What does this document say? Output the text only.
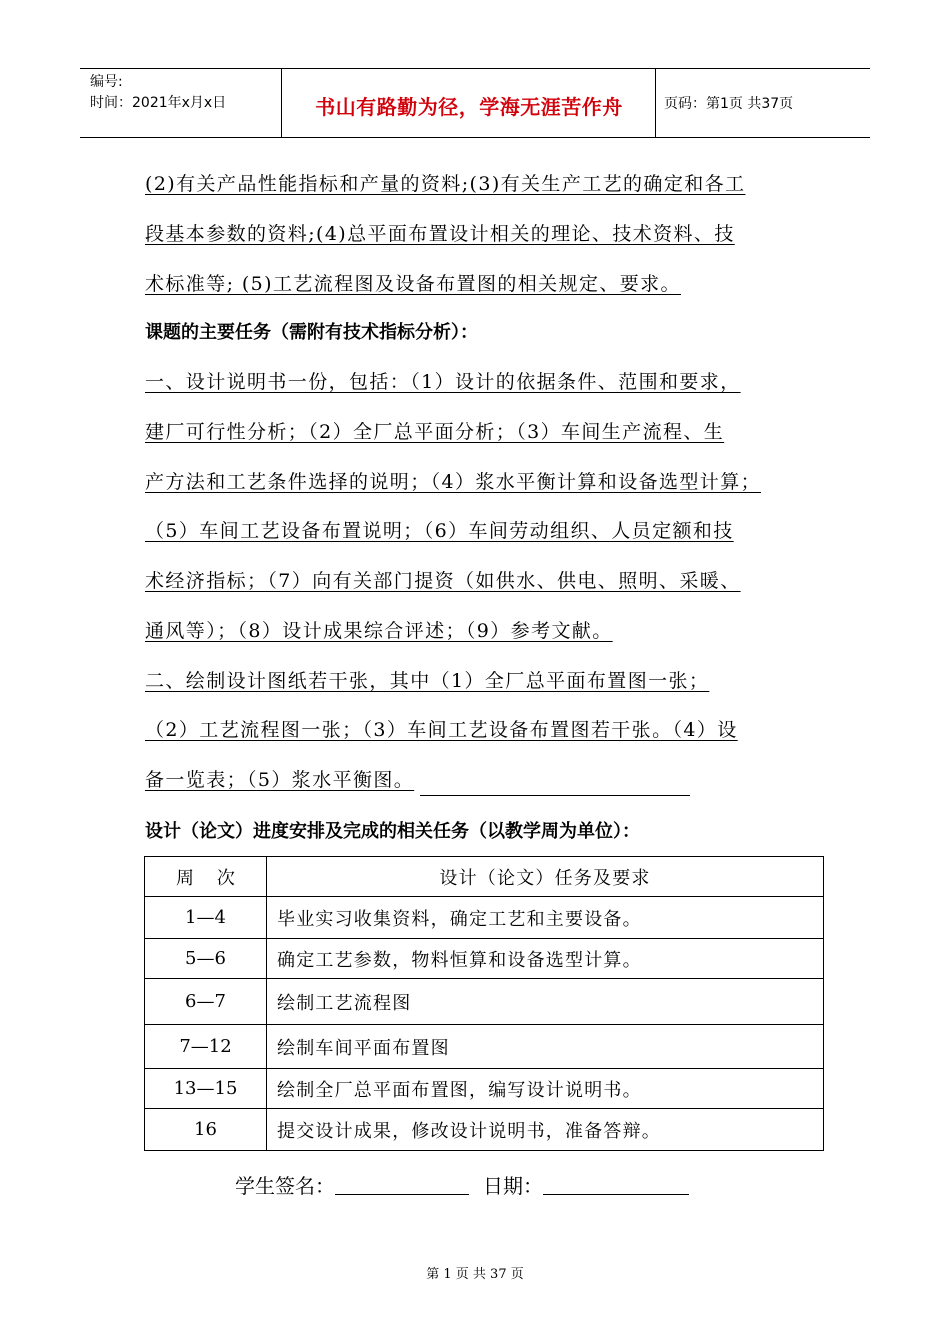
编号:
时间：2021年x月x日	书山有路勤为径，学海无涯苦作舟	页码：第1页 共37页
(2)有关产品性能指标和产量的资料;(3)有关生产工艺的确定和各工
段基本参数的资料;(4)总平面布置设计相关的理论、技术资料、技
术标准等; (5)工艺流程图及设备布置图的相关规定、要求。
课题的主要任务（需附有技术指标分析）：
一、设计说明书一份，包括：（1）设计的依据条件、范围和要求，
建厂可行性分析；（2）全厂总平面分析；（3）车间生产流程、生
产方法和工艺条件选择的说明；（4）浆水平衡计算和设备选型计算；
（5）车间工艺设备布置说明；（6）车间劳动组织、人员定额和技
术经济指标；（7）向有关部门提资（如供水、供电、照明、采暖、
通风等）；（8）设计成果综合评述；（9）参考文献。
二、绘制设计图纸若干张，其中（1）全厂总平面布置图一张；
（2）工艺流程图一张；（3）车间工艺设备布置图若干张。（4）设
备一览表；（5）浆水平衡图。
设计（论文）进度安排及完成的相关任务（以教学周为单位）：
周    次	设计（论文）任务及要求
1—4	毕业实习收集资料，确定工艺和主要设备。
5—6	确定工艺参数，物料恒算和设备选型计算。
6—7	绘制工艺流程图
7—12	绘制车间平面布置图
13—15	绘制全厂总平面布置图，编写设计说明书。
16	提交设计成果，修改设计说明书，准备答辩。
学生签名：	日期：
第 1 页 共 37 页
